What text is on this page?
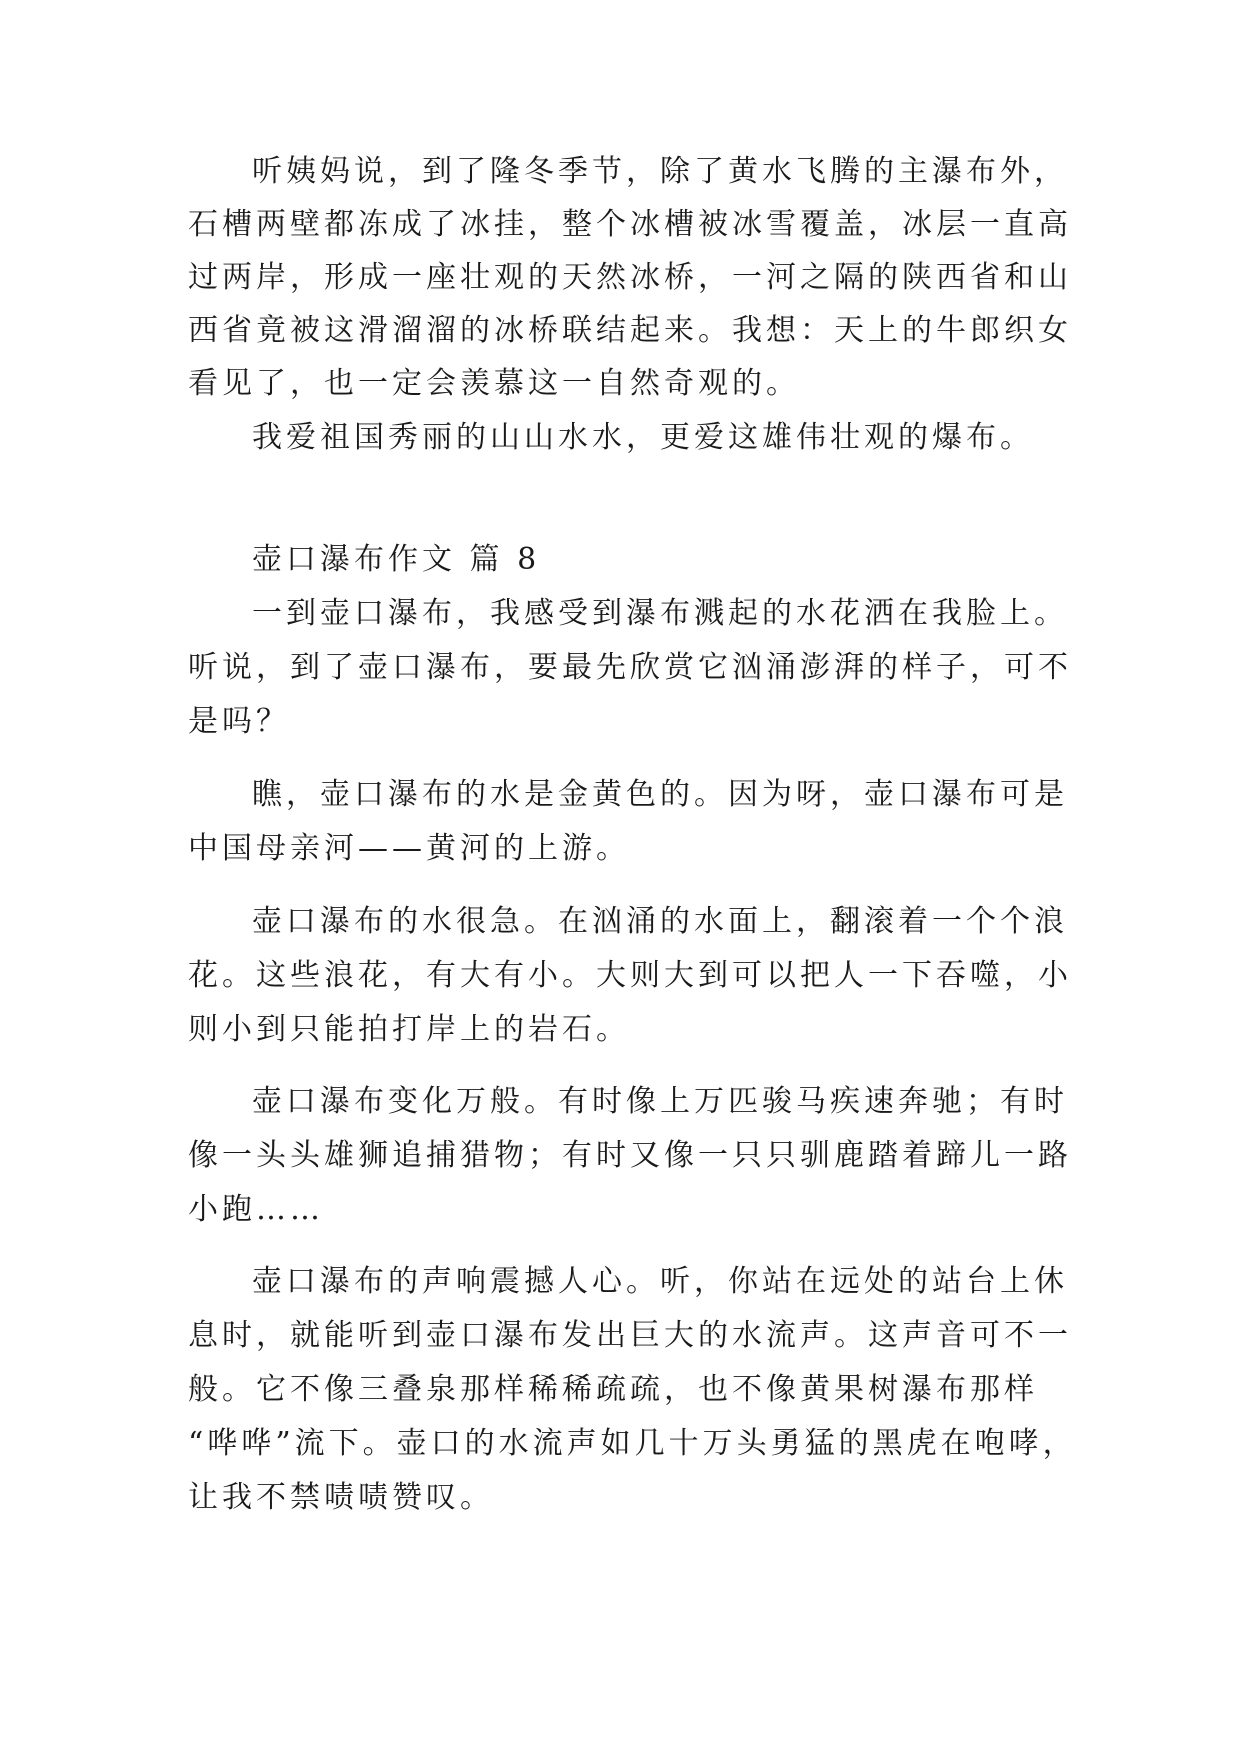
听姨妈说，到了隆冬季节，除了黄水飞腾的主瀑布外，
石槽两壁都冻成了冰挂，整个冰槽被冰雪覆盖，冰层一直高
过两岸，形成一座壮观的天然冰桥，一河之隔的陕西省和山
西省竟被这滑溜溜的冰桥联结起来。我想：天上的牛郎织女
看见了，也一定会羡慕这一自然奇观的。
我爱祖国秀丽的山山水水，更爱这雄伟壮观的爆布。
壶口瀑布作文 篇 8
一到壶口瀑布，我感受到瀑布溅起的水花洒在我脸上。
听说，到了壶口瀑布，要最先欣赏它汹涌澎湃的样子，可不
是吗？
瞧，壶口瀑布的水是金黄色的。因为呀，壶口瀑布可是
中国母亲河——黄河的上游。
壶口瀑布的水很急。在汹涌的水面上，翻滚着一个个浪
花。这些浪花，有大有小。大则大到可以把人一下吞噬，小
则小到只能拍打岸上的岩石。
壶口瀑布变化万般。有时像上万匹骏马疾速奔驰；有时
像一头头雄狮追捕猎物；有时又像一只只驯鹿踏着蹄儿一路
小跑……
壶口瀑布的声响震撼人心。听，你站在远处的站台上休
息时，就能听到壶口瀑布发出巨大的水流声。这声音可不一
般。它不像三叠泉那样稀稀疏疏，也不像黄果树瀑布那样
“哗哗”流下。壶口的水流声如几十万头勇猛的黑虎在咆哮，
让我不禁啧啧赞叹。
